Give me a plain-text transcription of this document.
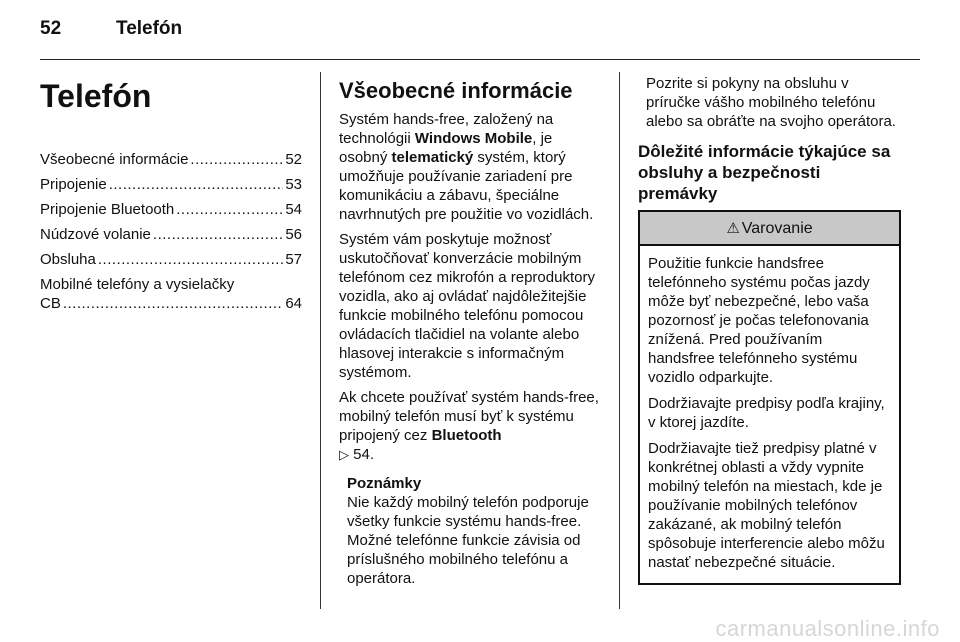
52	Telefón
Telefón
Všeobecné informácie .....	52
Pripojenie .....	53
Pripojenie Bluetooth .....	54
Núdzové volanie .....	56
Obsluha .....	57
Mobilné telefóny a vysielačky
CB .....	64
Všeobecné informácie

Systém hands-free, založený na technológii Windows Mobile, je osobný telematický systém, ktorý umožňuje používanie zariadení pre komunikáciu a zábavu, špeciálne navrhnutých pre použitie vo vozidlách.

Systém vám poskytuje možnosť uskutočňovať konverzácie mobilným telefónom cez mikrofón a reproduktory vozidla, ako aj ovládať najdôležitejšie funkcie mobilného telefónu pomocou ovládacích tlačidiel na volante alebo hlasovej interakcie s informačným systémom.

Ak chcete používať systém hands-free, mobilný telefón musí byť k systému pripojený cez Bluetooth
▷ 54.

Poznámky
Nie každý mobilný telefón podporuje všetky funkcie systému hands-free. Možné telefónne funkcie závisia od príslušného mobilného telefónu a operátora.

Pozrite si pokyny na obsluhu v príručke vášho mobilného telefónu alebo sa obráťte na svojho operátora.

Dôležité informácie týkajúce sa obsluhy a bezpečnosti premávky
⚠ Varovanie

Použitie funkcie handsfree telefónneho systému počas jazdy môže byť nebezpečné, lebo vaša pozornosť je počas telefonovania znížená. Pred používaním handsfree telefónneho systému vozidlo odparkujte.

Dodržiavajte predpisy podľa krajiny, v ktorej jazdíte.

Dodržiavajte tiež predpisy platné v konkrétnej oblasti a vždy vypnite mobilný telefón na miestach, kde je používanie mobilných telefónov zakázané, ak mobilný telefón spôsobuje interferencie alebo môžu nastať nebezpečné situácie.

carmanualsonline.info
